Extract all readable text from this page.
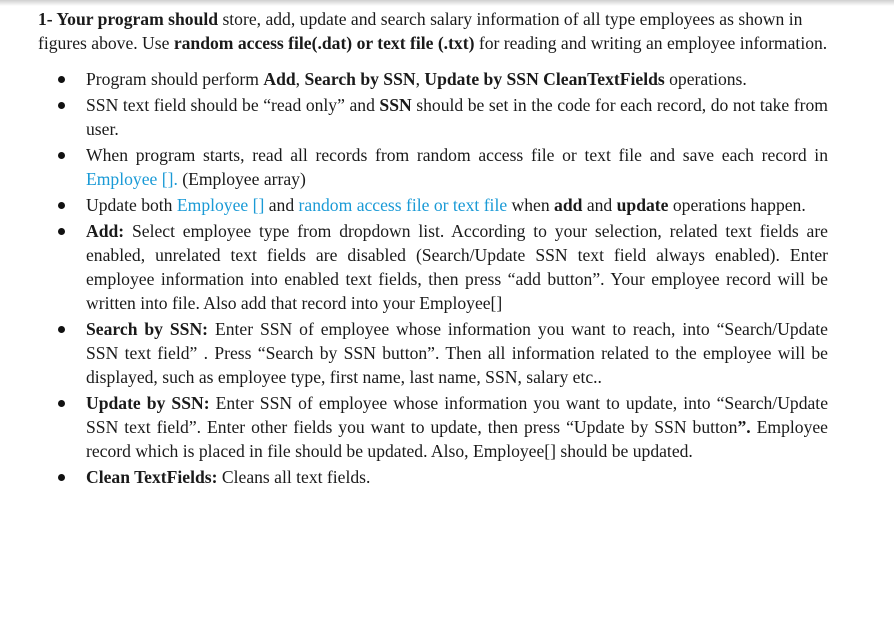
1- Your program should store, add, update and search salary information of all type employees as shown in figures above. Use random access file(.dat) or text file (.txt) for reading and writing an employee information.

Program should perform Add, Search by SSN, Update by SSN CleanTextFields operations.
SSN text field should be “read only” and SSN should be set in the code for each record, do not take from user.
When program starts, read all records from random access file or text file and save each record in Employee []. (Employee array)
Update both Employee [] and random access file or text file when add and update operations happen.
Add: Select employee type from dropdown list. According to your selection, related text fields are enabled, unrelated text fields are disabled (Search/Update SSN text field always enabled). Enter employee information into enabled text fields, then press “add button”. Your employee record will be written into file. Also add that record into your Employee[]
Search by SSN: Enter SSN of employee whose information you want to reach, into “Search/Update SSN text field” . Press “Search by SSN button”. Then all information related to the employee will be displayed, such as employee type, first name, last name, SSN, salary etc..
Update by SSN: Enter SSN of employee whose information you want to update, into “Search/Update SSN text field”. Enter other fields you want to update, then press “Update by SSN button”. Employee record which is placed in file should be updated. Also, Employee[] should be updated.
Clean TextFields: Cleans all text fields.
